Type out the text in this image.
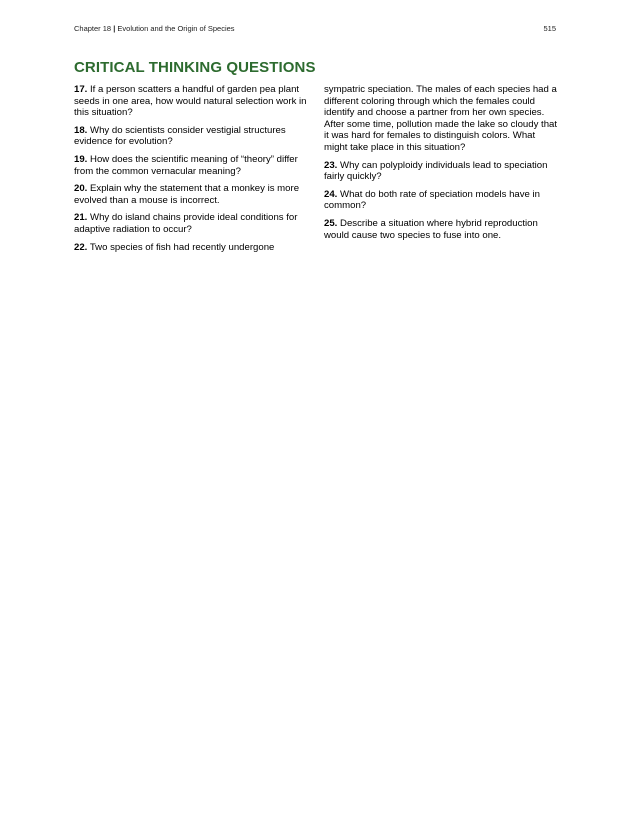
Chapter 18 | Evolution and the Origin of Species	515
CRITICAL THINKING QUESTIONS

17. If a person scatters a handful of garden pea plant seeds in one area, how would natural selection work in this situation?

18. Why do scientists consider vestigial structures evidence for evolution?

19. How does the scientific meaning of “theory” differ from the common vernacular meaning?

20. Explain why the statement that a monkey is more evolved than a mouse is incorrect.

21. Why do island chains provide ideal conditions for adaptive radiation to occur?

22. Two species of fish had recently undergone

sympatric speciation. The males of each species had a different coloring through which the females could identify and choose a partner from her own species. After some time, pollution made the lake so cloudy that it was hard for females to distinguish colors. What might take place in this situation?

23. Why can polyploidy individuals lead to speciation fairly quickly?

24. What do both rate of speciation models have in common?

25. Describe a situation where hybrid reproduction would cause two species to fuse into one.
